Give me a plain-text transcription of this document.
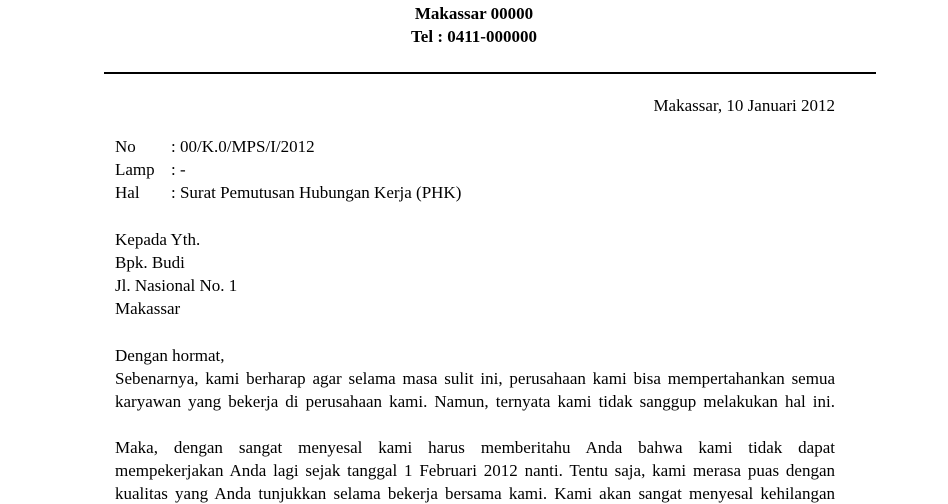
Makassar 00000
Tel : 0411-000000
Makassar, 10 Januari 2012
No : 00/K.0/MPS/I/2012
Lamp : -
Hal : Surat Pemutusan Hubungan Kerja (PHK)
Kepada Yth.
Bpk. Budi
Jl. Nasional No. 1
Makassar
Dengan hormat,
Sebenarnya, kami berharap agar selama masa sulit ini, perusahaan kami bisa mempertahankan semua
karyawan yang bekerja di perusahaan kami. Namun, ternyata kami tidak sanggup melakukan hal ini.
Maka, dengan sangat menyesal kami harus memberitahu Anda bahwa kami tidak dapat
mempekerjakan Anda lagi sejak tanggal 1 Februari 2012 nanti. Tentu saja, kami merasa puas dengan
kualitas yang Anda tunjukkan selama bekerja bersama kami. Kami akan sangat menyesal kehilangan
